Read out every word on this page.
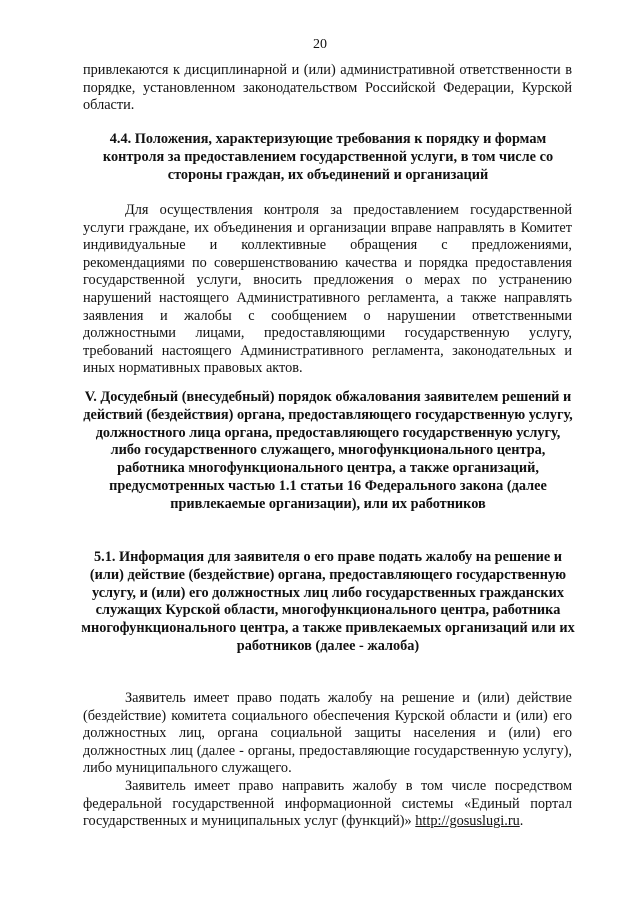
20

привлекаются к дисциплинарной и (или) административной ответственности в порядке, установленном законодательством Российской Федерации, Курской области.

4.4. Положения, характеризующие требования к порядку и формам контроля за предоставлением государственной услуги, в том числе со стороны граждан, их объединений и организаций

Для осуществления контроля за предоставлением государственной услуги граждане, их объединения и организации вправе направлять в Комитет индивидуальные и коллективные обращения с предложениями, рекомендациями по совершенствованию качества и порядка предоставления государственной услуги, вносить предложения о мерах по устранению нарушений настоящего Административного регламента, а также направлять заявления и жалобы с сообщением о нарушении ответственными должностными лицами, предоставляющими государственную услугу, требований настоящего Административного регламента, законодательных и иных нормативных правовых актов.

V. Досудебный (внесудебный) порядок обжалования заявителем решений и действий (бездействия) органа, предоставляющего государственную услугу, должностного лица органа, предоставляющего государственную услугу, либо государственного служащего, многофункционального центра, работника многофункционального центра, а также организаций, предусмотренных частью 1.1 статьи 16 Федерального закона (далее привлекаемые организации), или их работников

5.1. Информация для заявителя о его праве подать жалобу на решение и (или) действие (бездействие) органа, предоставляющего государственную услугу, и (или) его должностных лиц либо государственных гражданских служащих Курской области, многофункционального центра, работника многофункционального центра, а также привлекаемых организаций или их работников (далее - жалоба)

Заявитель имеет право подать жалобу на решение и (или) действие (бездействие) комитета социального обеспечения Курской области и (или) его должностных лиц, органа социальной защиты населения и (или) его должностных лиц (далее - органы, предоставляющие государственную услугу), либо муниципального служащего.

Заявитель имеет право направить жалобу в том числе посредством федеральной государственной информационной системы «Единый портал государственных и муниципальных услуг (функций)» http://gosuslugi.ru.
